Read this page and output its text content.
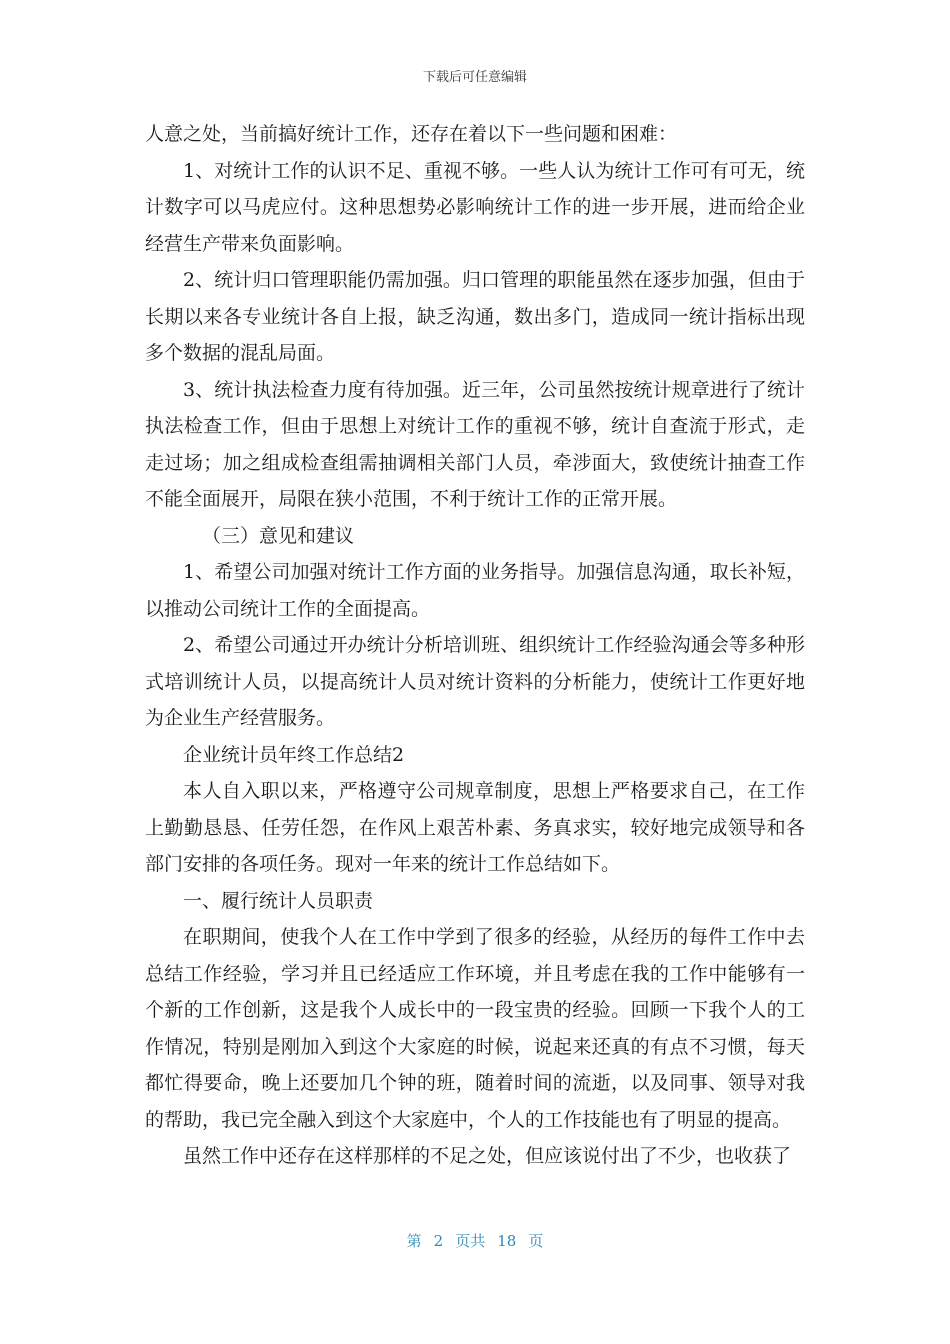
下载后可任意编辑

人意之处，当前搞好统计工作，还存在着以下一些问题和困难：

1、对统计工作的认识不足、重视不够。一些人认为统计工作可有可无，统计数字可以马虎应付。这种思想势必影响统计工作的进一步开展，进而给企业经营生产带来负面影响。

2、统计归口管理职能仍需加强。归口管理的职能虽然在逐步加强，但由于长期以来各专业统计各自上报，缺乏沟通，数出多门，造成同一统计指标出现多个数据的混乱局面。

3、统计执法检查力度有待加强。近三年，公司虽然按统计规章进行了统计执法检查工作，但由于思想上对统计工作的重视不够，统计自查流于形式，走走过场；加之组成检查组需抽调相关部门人员，牵涉面大，致使统计抽查工作不能全面展开，局限在狭小范围，不利于统计工作的正常开展。

（三）意见和建议

1、希望公司加强对统计工作方面的业务指导。加强信息沟通，取长补短，以推动公司统计工作的全面提高。

2、希望公司通过开办统计分析培训班、组织统计工作经验沟通会等多种形式培训统计人员，以提高统计人员对统计资料的分析能力，使统计工作更好地为企业生产经营服务。

企业统计员年终工作总结2

本人自入职以来，严格遵守公司规章制度，思想上严格要求自己，在工作上勤勤恳恳、任劳任怨，在作风上艰苦朴素、务真求实，较好地完成领导和各部门安排的各项任务。现对一年来的统计工作总结如下。

一、履行统计人员职责

在职期间，使我个人在工作中学到了很多的经验，从经历的每件工作中去总结工作经验，学习并且已经适应工作环境，并且考虑在我的工作中能够有一个新的工作创新，这是我个人成长中的一段宝贵的经验。回顾一下我个人的工作情况，特别是刚加入到这个大家庭的时候，说起来还真的有点不习惯，每天都忙得要命，晚上还要加几个钟的班，随着时间的流逝，以及同事、领导对我的帮助，我已完全融入到这个大家庭中，个人的工作技能也有了明显的提高。

虽然工作中还存在这样那样的不足之处，但应该说付出了不少，也收获了

第 2 页共 18 页
